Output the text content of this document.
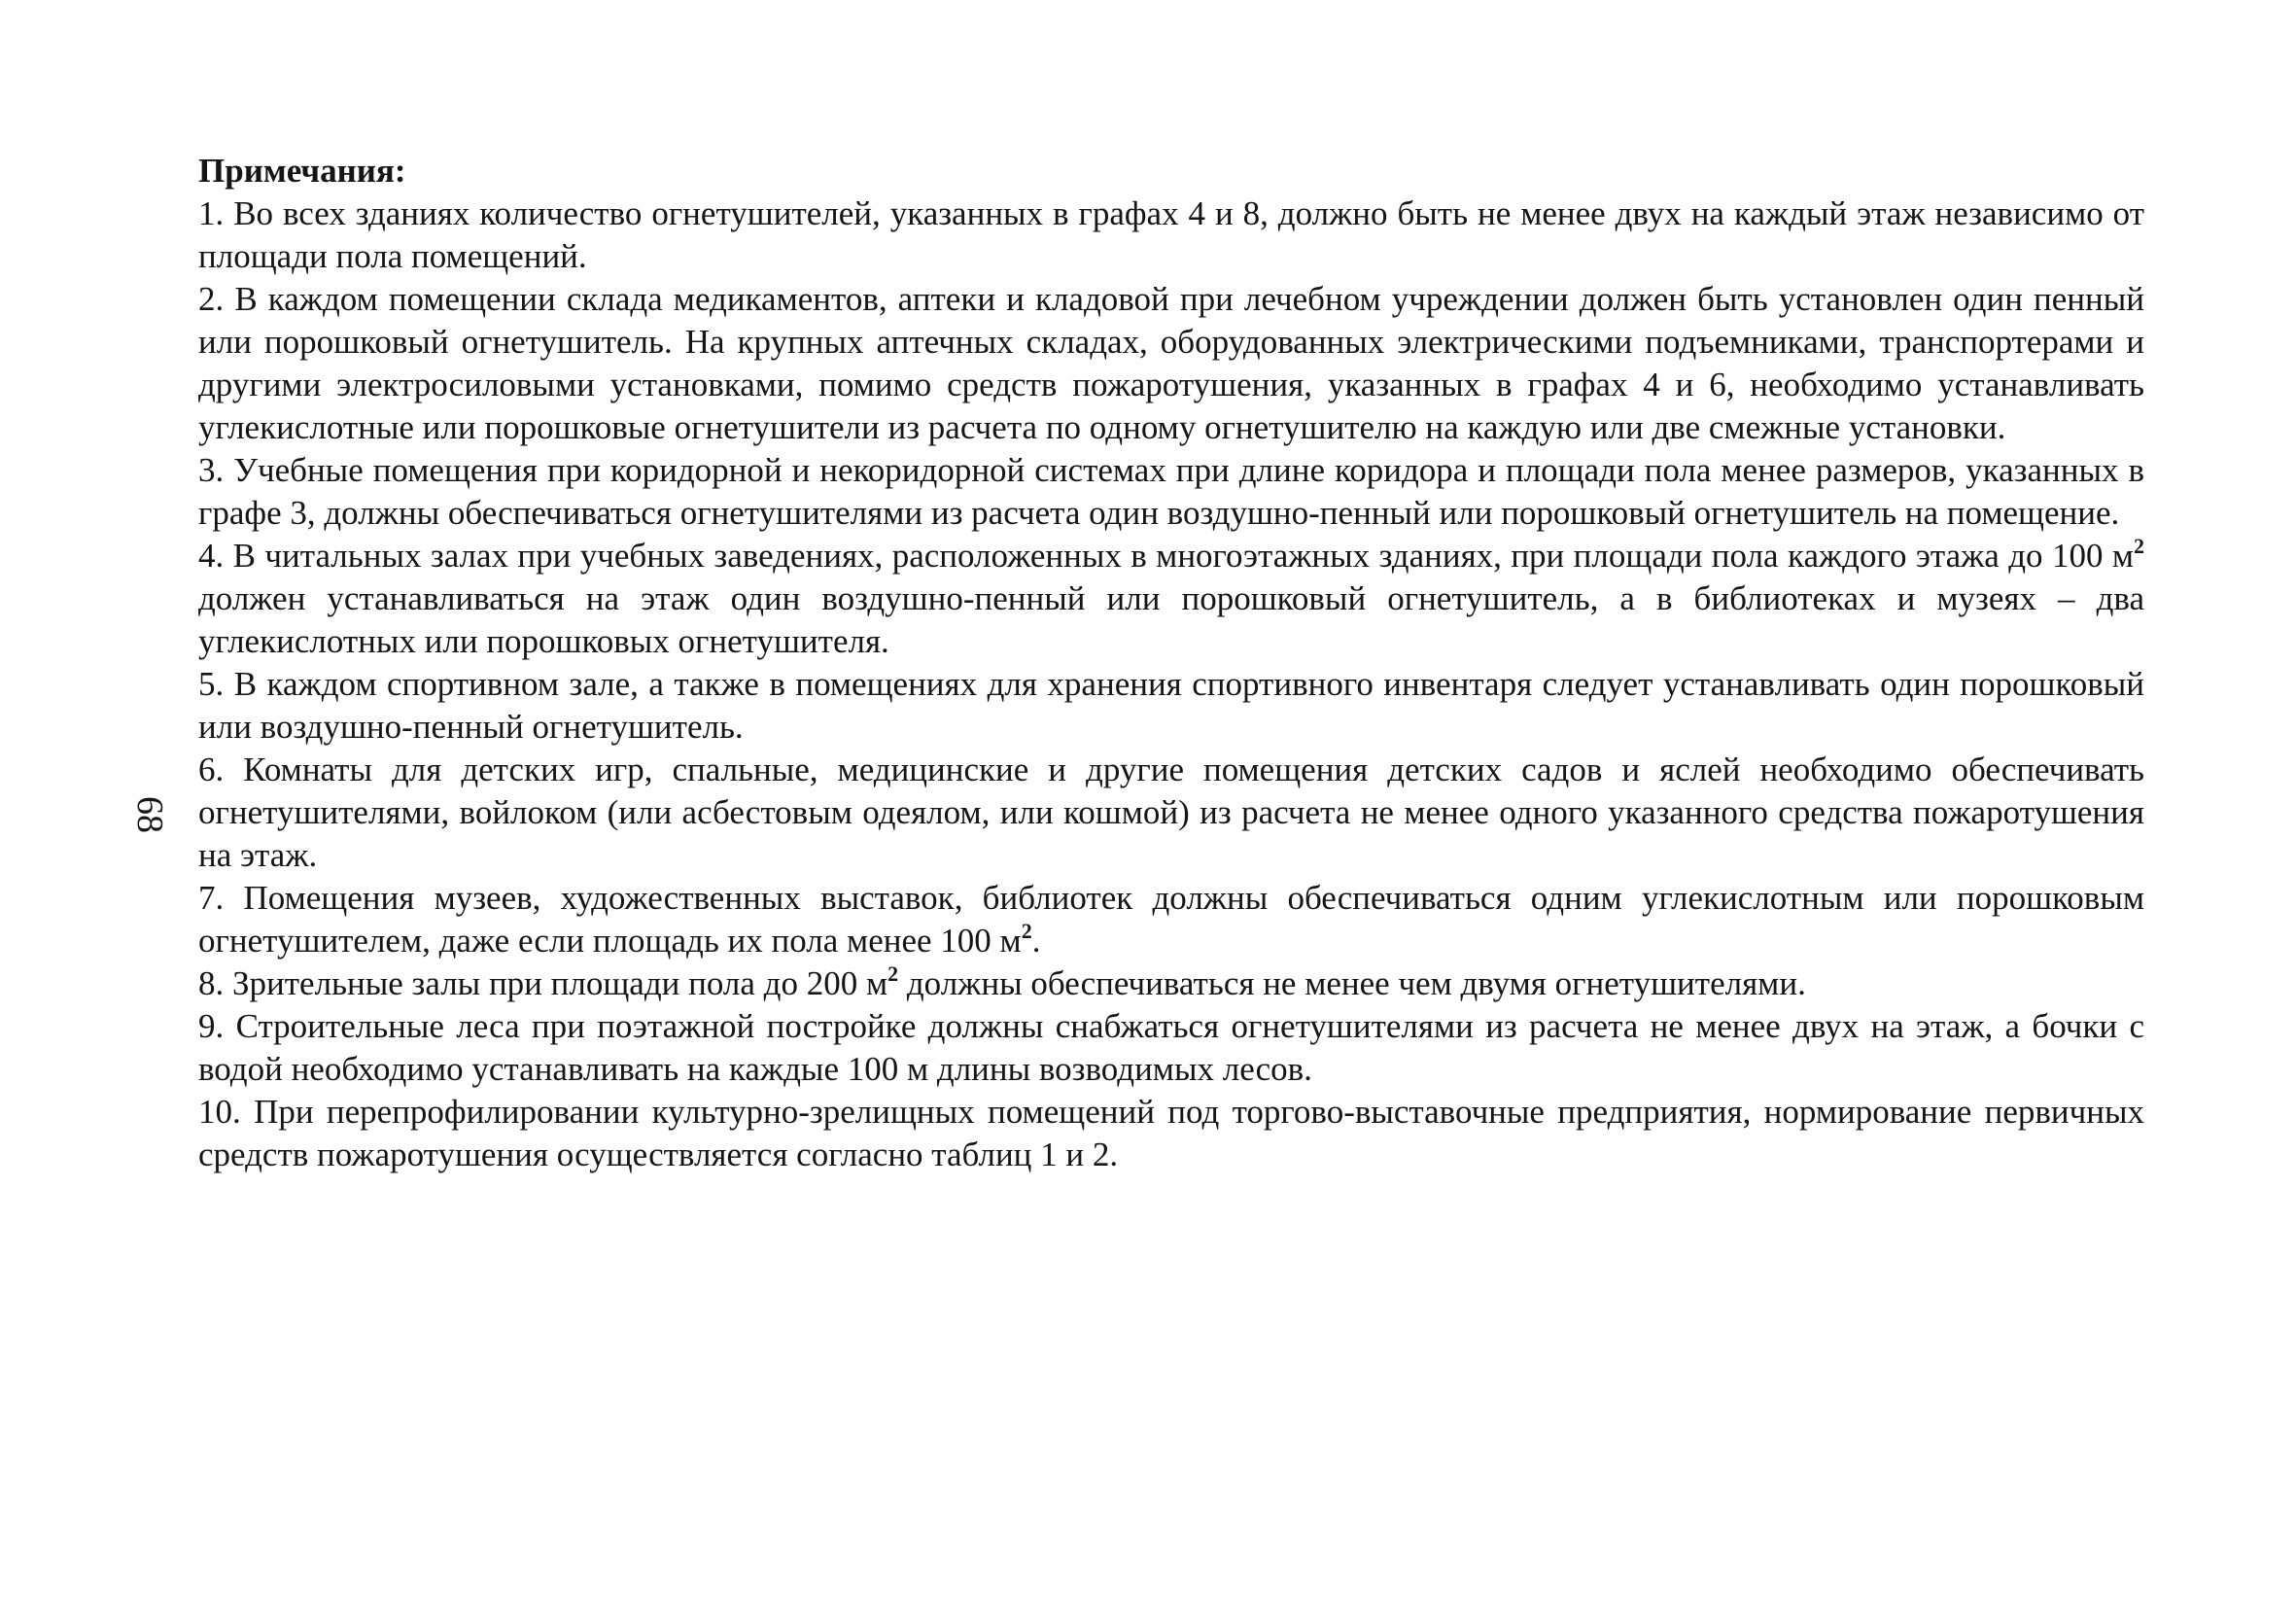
68

Примечания:

1. Во всех зданиях количество огнетушителей, указанных в графах 4 и 8, должно быть не менее двух на каждый этаж независимо от площади пола помещений.

2. В каждом помещении склада медикаментов, аптеки и кладовой при лечебном учреждении должен быть установлен один пенный или порошковый огнетушитель. На крупных аптечных складах, оборудованных электрическими подъемниками, транспортерами и другими электросиловыми установками, помимо средств пожаротушения, указанных в графах 4 и 6, необходимо устанавливать углекислотные или порошковые огнетушители из расчета по одному огнетушителю на каждую или две смежные установки.

3. Учебные помещения при коридорной и некоридорной системах при длине коридора и площади пола менее размеров, указанных в графе 3, должны обеспечиваться огнетушителями из расчета один воздушно-пенный или порошковый огнетушитель на помещение.

4. В читальных залах при учебных заведениях, расположенных в многоэтажных зданиях, при площади пола каждого этажа до 100 $м^2$ должен устанавливаться на этаж один воздушно-пенный или порошковый огнетушитель, а в библиотеках и музеях – два углекислотных или порошковых огнетушителя.

5. В каждом спортивном зале, а также в помещениях для хранения спортивного инвентаря следует устанавливать один порошковый или воздушно-пенный огнетушитель.

6. Комнаты для детских игр, спальные, медицинские и другие помещения детских садов и яслей необходимо обеспечивать огнетушителями, войлоком (или асбестовым одеялом, или кошмой) из расчета не менее одного указанного средства пожаротушения на этаж.

7. Помещения музеев, художественных выставок, библиотек должны обеспечиваться одним углекислотным или порошковым огнетушителем, даже если площадь их пола менее 100 $м^2$.

8. Зрительные залы при площади пола до 200 $м^2$ должны обеспечиваться не менее чем двумя огнетушителями.

9. Строительные леса при поэтажной постройке должны снабжаться огнетушителями из расчета не менее двух на этаж, а бочки с водой необходимо устанавливать на каждые 100 м длины возводимых лесов.

10. При перепрофилировании культурно-зрелищных помещений под торгово-выставочные предприятия, нормирование первичных средств пожаротушения осуществляется согласно таблиц 1 и 2.
